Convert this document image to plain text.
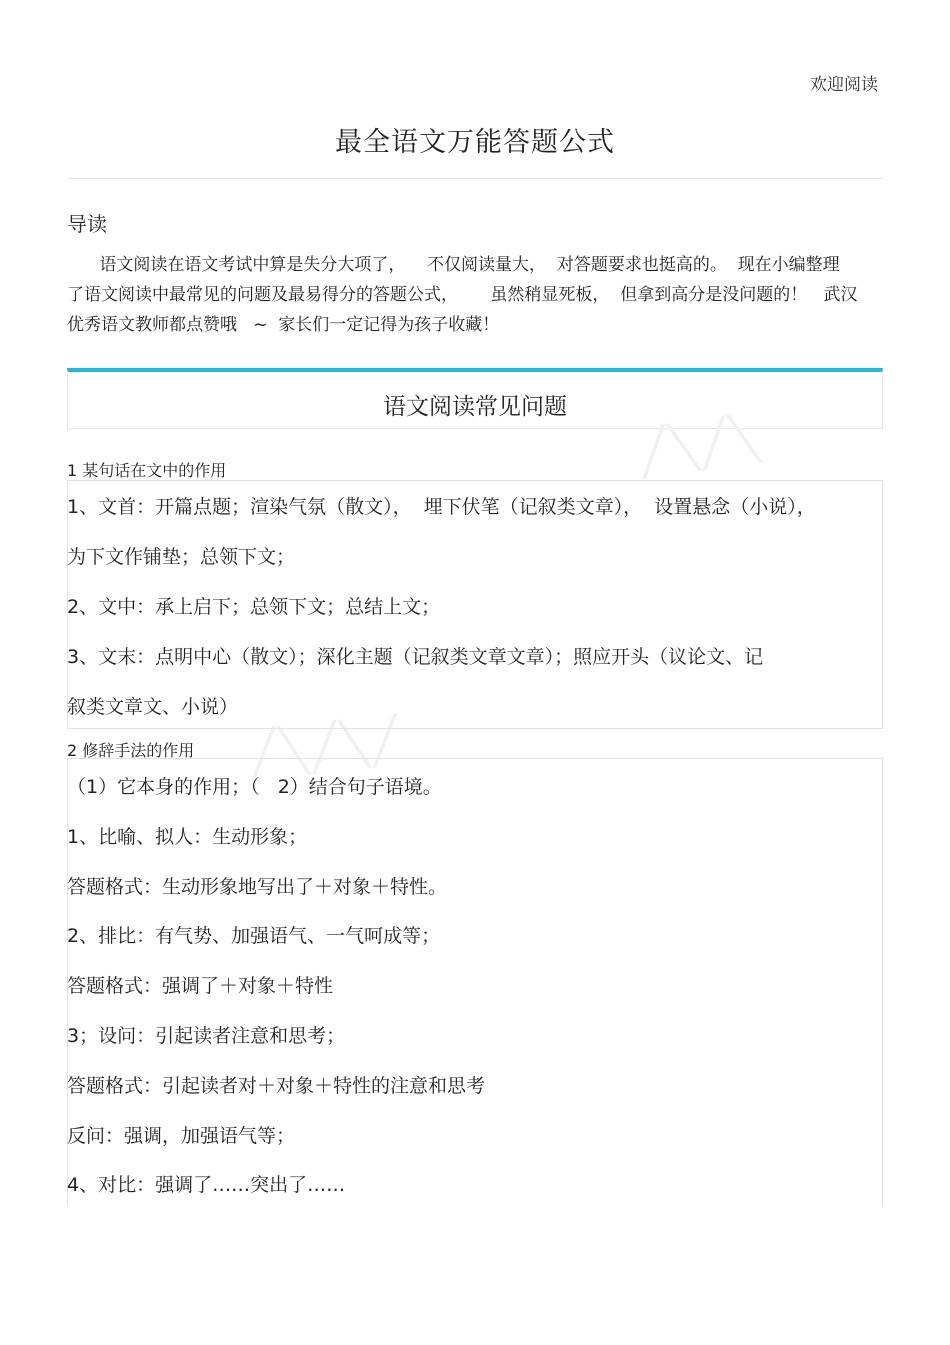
欢迎阅读
最全语文万能答题公式
导读
语文阅读在语文考试中算是失分大项了，    不仅阅读量大，  对答题要求也挺高的。  现在小编整理
了语文阅读中最常见的问题及最易得分的答题公式，      虽然稍显死板，  但拿到高分是没问题的！   武汉
优秀语文教师都点赞哦   ~  家长们一定记得为孩子收藏！
语文阅读常见问题
╱╲╱╲
╱╲╱╲╱
1 某句话在文中的作用
1、文首：开篇点题；渲染气氛（散文），  埋下伏笔（记叙类文章），  设置悬念（小说），
为下文作铺垫；总领下文；
2、文中：承上启下；总领下文；总结上文；
3、文末：点明中心（散文）；深化主题（记叙类文章文章）；照应开头（议论文、记
叙类文章文、小说）
2 修辞手法的作用
（1）它本身的作用；（   2）结合句子语境。
1、比喻、拟人：生动形象；
答题格式：生动形象地写出了＋对象＋特性。
2、排比：有气势、加强语气、一气呵成等；
答题格式：强调了＋对象＋特性
3；设问：引起读者注意和思考；
答题格式：引起读者对＋对象＋特性的注意和思考
反问：强调，加强语气等；
4、对比：强调了……突出了……
